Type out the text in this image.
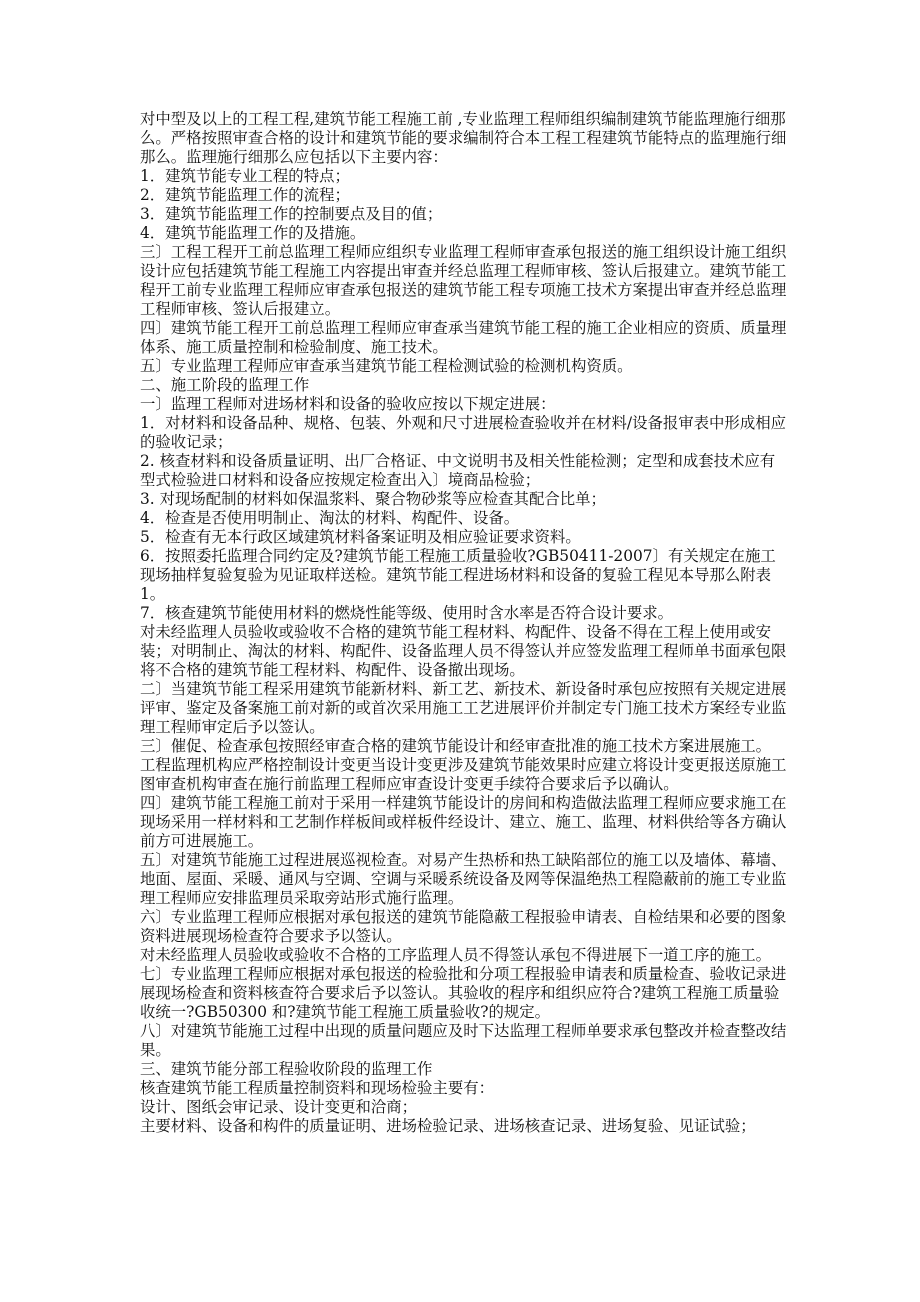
对中型及以上的工程工程,建筑节能工程施工前 ,专业监理工程师组织编制建筑节能监理施行细那么。严格按照审查合格的设计和建筑节能的要求编制符合本工程工程建筑节能特点的监理施行细那么。监理施行细那么应包括以下主要内容：

1．建筑节能专业工程的特点；

2．建筑节能监理工作的流程；

3．建筑节能监理工作的控制要点及目的值；

4．建筑节能监理工作的及措施。

三〕工程工程开工前总监理工程师应组织专业监理工程师审查承包报送的施工组织设计施工组织设计应包括建筑节能工程施工内容提出审查并经总监理工程师审核、签认后报建立。建筑节能工程开工前专业监理工程师应审查承包报送的建筑节能工程专项施工技术方案提出审查并经总监理工程师审核、签认后报建立。

四〕建筑节能工程开工前总监理工程师应审查承当建筑节能工程的施工企业相应的资质、质量理体系、施工质量控制和检验制度、施工技术。

五〕专业监理工程师应审查承当建筑节能工程检测试验的检测机构资质。

二、施工阶段的监理工作

一〕监理工程师对进场材料和设备的验收应按以下规定进展：

1．对材料和设备品种、规格、包装、外观和尺寸进展检查验收并在材料/设备报审表中形成相应的验收记录；

2. 核查材料和设备质量证明、出厂合格证、中文说明书及相关性能检测；定型和成套技术应有型式检验进口材料和设备应按规定检查出入〕境商品检验；

3. 对现场配制的材料如保温浆料、聚合物砂浆等应检查其配合比单；

4．检查是否使用明制止、淘汰的材料、构配件、设备。

5．检查有无本行政区域建筑材料备案证明及相应验证要求资料。

6．按照委托监理合同约定及?建筑节能工程施工质量验收?GB50411-2007〕有关规定在施工现场抽样复验复验为见证取样送检。建筑节能工程进场材料和设备的复验工程见本导那么附表 1。

7．核查建筑节能使用材料的燃烧性能等级、使用时含水率是否符合设计要求。

对未经监理人员验收或验收不合格的建筑节能工程材料、构配件、设备不得在工程上使用或安装；对明制止、淘汰的材料、构配件、设备监理人员不得签认并应签发监理工程师单书面承包限将不合格的建筑节能工程材料、构配件、设备撤出现场。

二〕当建筑节能工程采用建筑节能新材料、新工艺、新技术、新设备时承包应按照有关规定进展评审、鉴定及备案施工前对新的或首次采用施工工艺进展评价并制定专门施工技术方案经专业监理工程师审定后予以签认。

三〕催促、检查承包按照经审查合格的建筑节能设计和经审查批准的施工技术方案进展施工。

工程监理机构应严格控制设计变更当设计变更涉及建筑节能效果时应建立将设计变更报送原施工图审查机构审查在施行前监理工程师应审查设计变更手续符合要求后予以确认。

四〕建筑节能工程施工前对于采用一样建筑节能设计的房间和构造做法监理工程师应要求施工在现场采用一样材料和工艺制作样板间或样板件经设计、建立、施工、监理、材料供给等各方确认前方可进展施工。

五〕对建筑节能施工过程进展巡视检查。对易产生热桥和热工缺陷部位的施工以及墙体、幕墙、地面、屋面、采暖、通风与空调、空调与采暖系统设备及网等保温绝热工程隐蔽前的施工专业监理工程师应安排监理员采取旁站形式施行监理。

六〕专业监理工程师应根据对承包报送的建筑节能隐蔽工程报验申请表、自检结果和必要的图象资料进展现场检查符合要求予以签认。

对未经监理人员验收或验收不合格的工序监理人员不得签认承包不得进展下一道工序的施工。

七〕专业监理工程师应根据对承包报送的检验批和分项工程报验申请表和质量检查、验收记录进展现场检查和资料核查符合要求后予以签认。其验收的程序和组织应符合?建筑工程施工质量验收统一?GB50300 和?建筑节能工程施工质量验收?的规定。

八〕对建筑节能施工过程中出现的质量问题应及时下达监理工程师单要求承包整改并检查整改结果。

三、建筑节能分部工程验收阶段的监理工作

核查建筑节能工程质量控制资料和现场检验主要有：

设计、图纸会审记录、设计变更和洽商；

主要材料、设备和构件的质量证明、进场检验记录、进场核查记录、进场复验、见证试验；
